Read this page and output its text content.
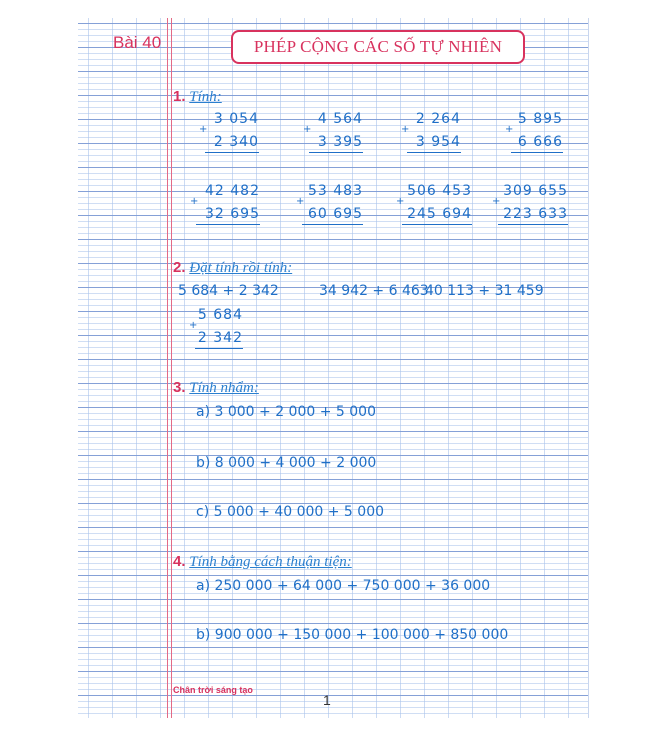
Bài 40	PHÉP CỘNG CÁC SỐ TỰ NHIÊN
1. Tính:
3 054
+
2 340
4 564
+
3 395
2 264
+
3 954
5 895
+
6 666
42 482
+
32 695
53 483
+
60 695
506 453
+
245 694
309 655
+
223 633
2. Đặt tính rồi tính:
5 684 + 2 342	34 942 + 6 463
40 113 + 31 459
5 684
+
2 342
3. Tính nhẩm:
a) 3 000 + 2 000 + 5 000
b) 8 000 + 4 000 + 2 000
c) 5 000 + 40 000 + 5 000
4. Tính bằng cách thuận tiện:
a) 250 000 + 64 000 + 750 000 + 36 000
b) 900 000 + 150 000 + 100 000 + 850 000
Chân trời sáng tạo
1
